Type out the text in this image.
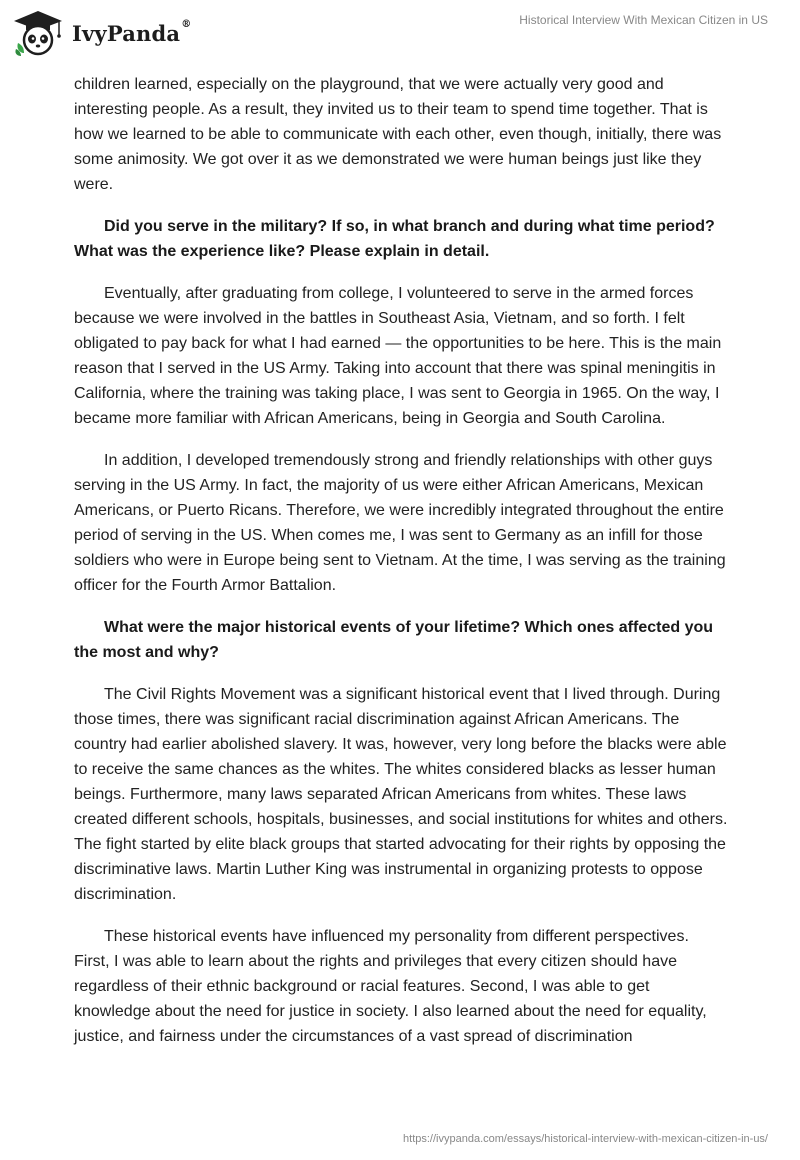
IvyPanda®	Historical Interview With Mexican Citizen in US

children learned, especially on the playground, that we were actually very good and interesting people. As a result, they invited us to their team to spend time together. That is how we learned to be able to communicate with each other, even though, initially, there was some animosity. We got over it as we demonstrated we were human beings just like they were.

Did you serve in the military? If so, in what branch and during what time period? What was the experience like? Please explain in detail.

Eventually, after graduating from college, I volunteered to serve in the armed forces because we were involved in the battles in Southeast Asia, Vietnam, and so forth. I felt obligated to pay back for what I had earned — the opportunities to be here. This is the main reason that I served in the US Army. Taking into account that there was spinal meningitis in California, where the training was taking place, I was sent to Georgia in 1965. On the way, I became more familiar with African Americans, being in Georgia and South Carolina.

In addition, I developed tremendously strong and friendly relationships with other guys serving in the US Army. In fact, the majority of us were either African Americans, Mexican Americans, or Puerto Ricans. Therefore, we were incredibly integrated throughout the entire period of serving in the US. When comes me, I was sent to Germany as an infill for those soldiers who were in Europe being sent to Vietnam. At the time, I was serving as the training officer for the Fourth Armor Battalion.

What were the major historical events of your lifetime? Which ones affected you the most and why?

The Civil Rights Movement was a significant historical event that I lived through. During those times, there was significant racial discrimination against African Americans. The country had earlier abolished slavery. It was, however, very long before the blacks were able to receive the same chances as the whites. The whites considered blacks as lesser human beings. Furthermore, many laws separated African Americans from whites. These laws created different schools, hospitals, businesses, and social institutions for whites and others. The fight started by elite black groups that started advocating for their rights by opposing the discriminative laws. Martin Luther King was instrumental in organizing protests to oppose discrimination.

These historical events have influenced my personality from different perspectives. First, I was able to learn about the rights and privileges that every citizen should have regardless of their ethnic background or racial features. Second, I was able to get knowledge about the need for justice in society. I also learned about the need for equality, justice, and fairness under the circumstances of a vast spread of discrimination

https://ivypanda.com/essays/historical-interview-with-mexican-citizen-in-us/
